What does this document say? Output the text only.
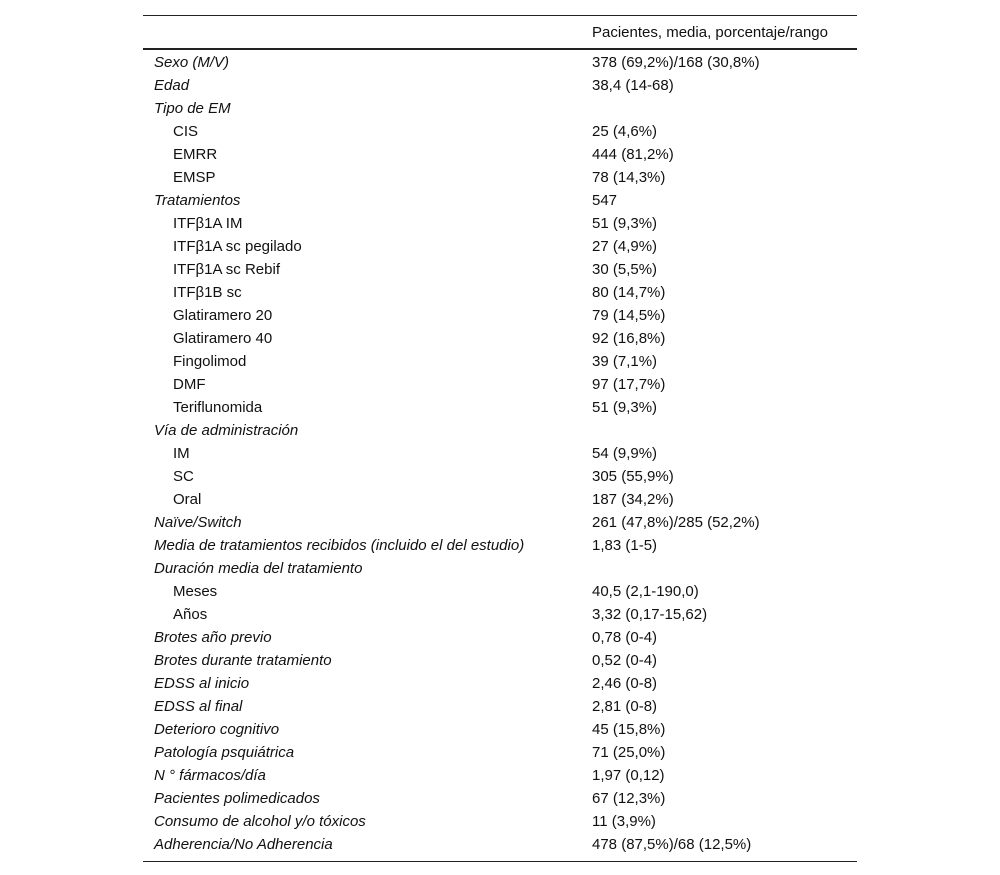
Pacientes, media, porcentaje/rango
Sexo (M/V)	378 (69,2%)/168 (30,8%)
Edad	38,4 (14-68)
Tipo de EM
CIS	25 (4,6%)
EMRR	444 (81,2%)
EMSP	78 (14,3%)
Tratamientos	547
ITFβ1A IM	51 (9,3%)
ITFβ1A sc pegilado	27 (4,9%)
ITFβ1A sc Rebif	30 (5,5%)
ITFβ1B sc	80 (14,7%)
Glatiramero 20	79 (14,5%)
Glatiramero 40	92 (16,8%)
Fingolimod	39 (7,1%)
DMF	97 (17,7%)
Teriflunomida	51 (9,3%)
Vía de administración
IM	54 (9,9%)
SC	305 (55,9%)
Oral	187 (34,2%)
Naïve/Switch	261 (47,8%)/285 (52,2%)
Media de tratamientos recibidos (incluido el del estudio)	1,83 (1-5)
Duración media del tratamiento
Meses	40,5 (2,1-190,0)
Años	3,32 (0,17-15,62)
Brotes año previo	0,78 (0-4)
Brotes durante tratamiento	0,52 (0-4)
EDSS al inicio	2,46 (0-8)
EDSS al final	2,81 (0-8)
Deterioro cognitivo	45 (15,8%)
Patología psquiátrica	71 (25,0%)
N ° fármacos/día	1,97 (0,12)
Pacientes polimedicados	67 (12,3%)
Consumo de alcohol y/o tóxicos	11 (3,9%)
Adherencia/No Adherencia	478 (87,5%)/68 (12,5%)
